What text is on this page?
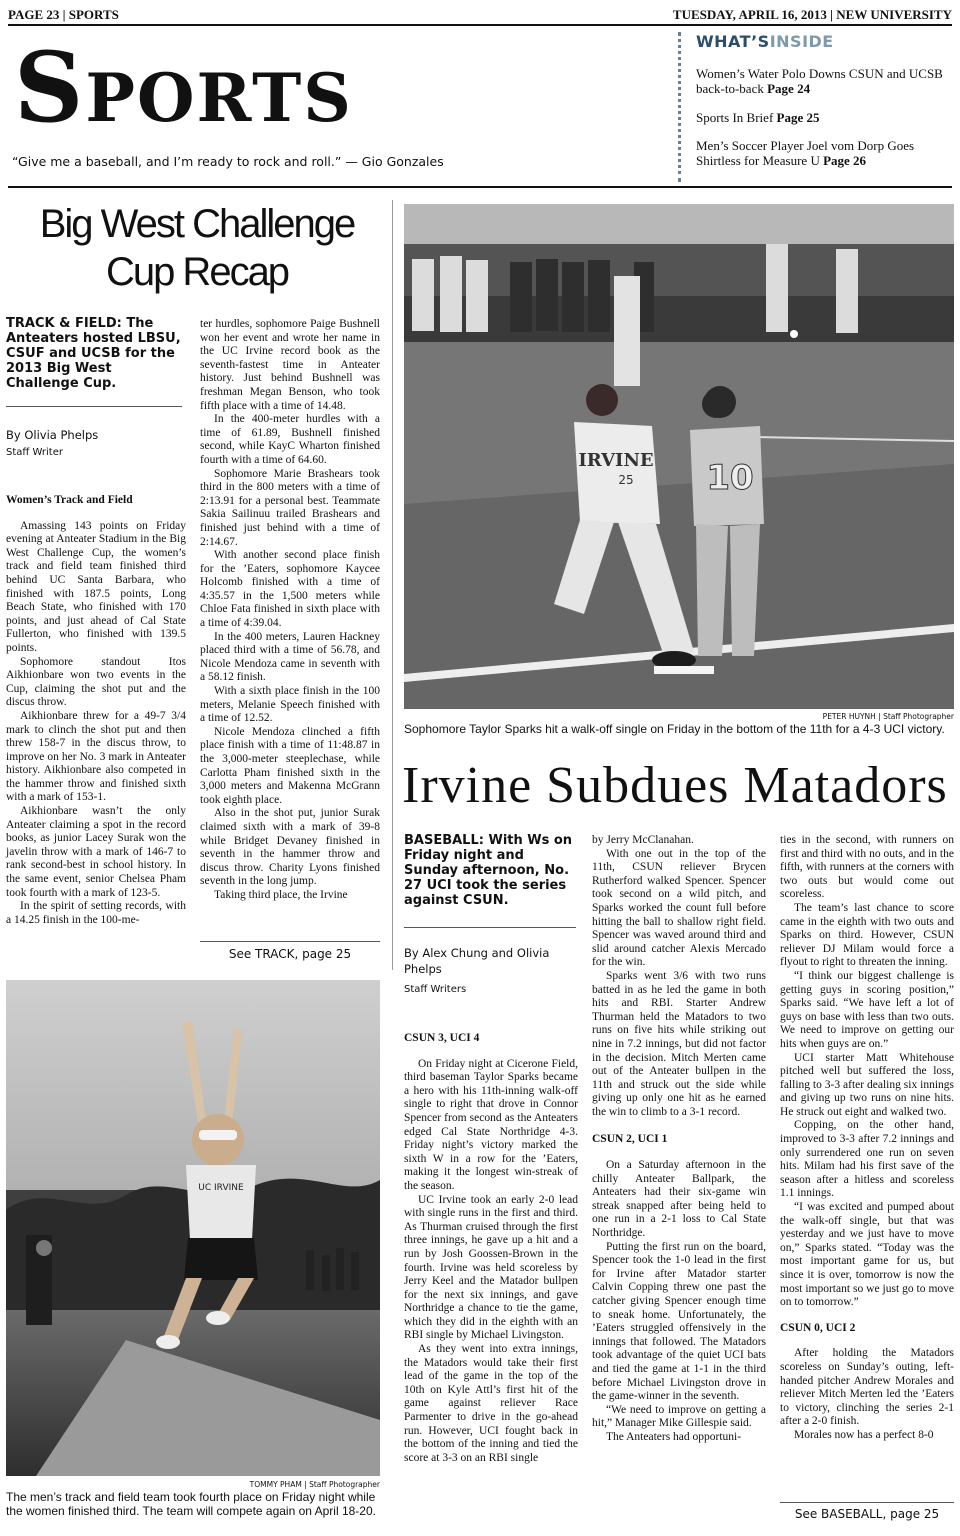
PAGE 23 | SPORTS	TUESDAY, APRIL 16, 2013 | NEW UNIVERSITY
SPORTS
“Give me a baseball, and I’m ready to rock and roll.” — Gio Gonzales
WHAT’SINSIDE
Women’s Water Polo Downs CSUN and UCSB back-to-back Page 24
Sports In Brief Page 25
Men’s Soccer Player Joel vom Dorp Goes Shirtless for Measure U Page 26
Big West Challenge
Cup Recap
TRACK & FIELD: The Anteaters hosted LBSU, CSUF and UCSB for the 2013 Big West Challenge Cup.
By Olivia Phelps
Staff Writer

Women’s Track and Field

Amassing 143 points on Friday evening at Anteater Stadium in the Big West Challenge Cup, the women’s track and field team finished third behind UC Santa Barbara, who finished with 187.5 points, Long Beach State, who finished with 170 points, and just ahead of Cal State Fullerton, who finished with 139.5 points.

Sophomore standout Itos Aikhionbare won two events in the Cup, claiming the shot put and the discus throw.

Aikhionbare threw for a 49-7 3/4 mark to clinch the shot put and then threw 158-7 in the discus throw, to improve on her No. 3 mark in Anteater history. Aikhionbare also competed in the hammer throw and finished sixth with a mark of 153-1.

Aikhionbare wasn’t the only Anteater claiming a spot in the record books, as junior Lacey Surak won the javelin throw with a mark of 146-7 to rank second-best in school history. In the same event, senior Chelsea Pham took fourth with a mark of 123-5.

In the spirit of setting records, with a 14.25 finish in the 100-me-

ter hurdles, sophomore Paige Bushnell won her event and wrote her name in the UC Irvine record book as the seventh-fastest time in Anteater history. Just behind Bushnell was freshman Megan Benson, who took fifth place with a time of 14.48.

In the 400-meter hurdles with a time of 61.89, Bushnell finished second, while KayC Wharton finished fourth with a time of 64.60.

Sophomore Marie Brashears took third in the 800 meters with a time of 2:13.91 for a personal best. Teammate Sakia Sailinuu trailed Brashears and finished just behind with a time of 2:14.67.

With another second place finish for the ’Eaters, sophomore Kaycee Holcomb finished with a time of 4:35.57 in the 1,500 meters while Chloe Fata finished in sixth place with a time of 4:39.04.

In the 400 meters, Lauren Hackney placed third with a time of 56.78, and Nicole Mendoza came in seventh with a 58.12 finish.

With a sixth place finish in the 100 meters, Melanie Speech finished with a time of 12.52.

Nicole Mendoza clinched a fifth place finish with a time of 11:48.87 in the 3,000-meter steeplechase, while Carlotta Pham finished sixth in the 3,000 meters and Makenna McGrann took eighth place.

Also in the shot put, junior Surak claimed sixth with a mark of 39-8 while Bridget Devaney finished in seventh in the hammer throw and discus throw. Charity Lyons finished seventh in the long jump.

Taking third place, the Irvine

See TRACK, page 25
UC IRVINE
TOMMY PHAM | Staff Photographer
The men’s track and field team took fourth place on Friday night while the women finished third. The team will compete again on April 18-20.
IRVINE
25 10
PETER HUYNH | Staff Photographer
Sophomore Taylor Sparks hit a walk-off single on Friday in the bottom of the 11th for a 4-3 UCI victory.
Irvine Subdues Matadors
BASEBALL: With Ws on Friday night and Sunday afternoon, No. 27 UCI took the series against CSUN.
By Alex Chung and Olivia Phelps
Staff Writers

CSUN 3, UCI 4

On Friday night at Cicerone Field, third baseman Taylor Sparks became a hero with his 11th-inning walk-off single to right that drove in Connor Spencer from second as the Anteaters edged Cal State Northridge 4-3. Friday night’s victory marked the sixth W in a row for the ’Eaters, making it the longest win-streak of the season.

UC Irvine took an early 2-0 lead with single runs in the first and third. As Thurman cruised through the first three innings, he gave up a hit and a run by Josh Goossen-Brown in the fourth. Irvine was held scoreless by Jerry Keel and the Matador bullpen for the next six innings, and gave Northridge a chance to tie the game, which they did in the eighth with an RBI single by Michael Livingston.

As they went into extra innings, the Matadors would take their first lead of the game in the top of the 10th on Kyle Attl’s first hit of the game against reliever Race Parmenter to drive in the go-ahead run. However, UCI fought back in the bottom of the inning and tied the score at 3-3 on an RBI single

by Jerry McClanahan.

With one out in the top of the 11th, CSUN reliever Brycen Rutherford walked Spencer. Spencer took second on a wild pitch, and Sparks worked the count full before hitting the ball to shallow right field. Spencer was waved around third and slid around catcher Alexis Mercado for the win.

Sparks went 3/6 with two runs batted in as he led the game in both hits and RBI. Starter Andrew Thurman held the Matadors to two runs on five hits while striking out nine in 7.2 innings, but did not factor in the decision. Mitch Merten came out of the Anteater bullpen in the 11th and struck out the side while giving up only one hit as he earned the win to climb to a 3-1 record.

CSUN 2, UCI 1

On a Saturday afternoon in the chilly Anteater Ballpark, the Anteaters had their six-game win streak snapped after being held to one run in a 2-1 loss to Cal State Northridge.

Putting the first run on the board, Spencer took the 1-0 lead in the first for Irvine after Matador starter Calvin Copping threw one past the catcher giving Spencer enough time to sneak home. Unfortunately, the ’Eaters struggled offensively in the innings that followed. The Matadors took advantage of the quiet UCI bats and tied the game at 1-1 in the third before Michael Livingston drove in the game-winner in the seventh.

“We need to improve on getting a hit,” Manager Mike Gillespie said.

The Anteaters had opportuni-

ties in the second, with runners on first and third with no outs, and in the fifth, with runners at the corners with two outs but would come out scoreless.

The team’s last chance to score came in the eighth with two outs and Sparks on third. However, CSUN reliever DJ Milam would force a flyout to right to threaten the inning.

“I think our biggest challenge is getting guys in scoring position,” Sparks said. “We have left a lot of guys on base with less than two outs. We need to improve on getting our hits when guys are on.”

UCI starter Matt Whitehouse pitched well but suffered the loss, falling to 3-3 after dealing six innings and giving up two runs on nine hits. He struck out eight and walked two.

Copping, on the other hand, improved to 3-3 after 7.2 innings and only surrendered one run on seven hits. Milam had his first save of the season after a hitless and scoreless 1.1 innings.

“I was excited and pumped about the walk-off single, but that was yesterday and we just have to move on,” Sparks stated. “Today was the most important game for us, but since it is over, tomorrow is now the most important so we just go to move on to tomorrow.”

CSUN 0, UCI 2

After holding the Matadors scoreless on Sunday’s outing, left-handed pitcher Andrew Morales and reliever Mitch Merten led the ’Eaters to victory, clinching the series 2-1 after a 2-0 finish.

Morales now has a perfect 8-0

See BASEBALL, page 25
